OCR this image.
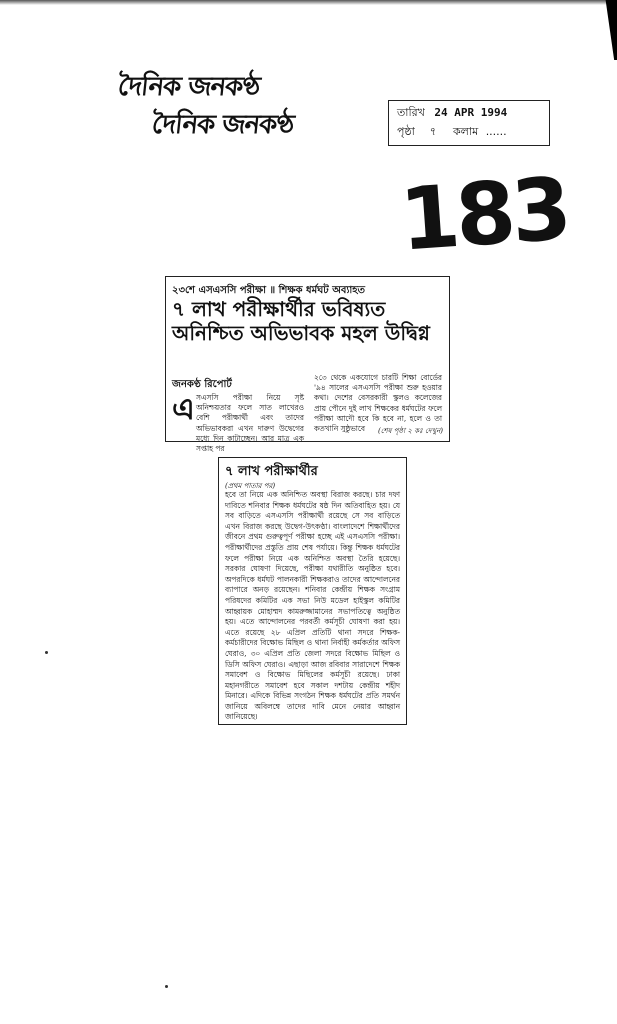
দৈনিক জনকণ্ঠ
দৈনিক জনকণ্ঠ	তারিখ 24 APR 1994
পৃষ্ঠা ৭ কলাম ......
183
২৩শে এসএসসি পরীক্ষা ॥ শিক্ষক ধর্মঘট অব্যাহত
৭ লাখ পরীক্ষার্থীর ভবিষ্যত অনিশ্চিত অভিভাবক মহল উদ্বিগ্ন
জনকণ্ঠ রিপোর্ট
এ সএসসি পরীক্ষা নিয়ে সৃষ্ট অনিশ্চয়তার ফলে সাত লাখেরও বেশি পরীক্ষার্থী এবং তাদের অভিভাবকরা এখন দারুণ উদ্বেগের মধ্যে দিন কাটাচ্ছেন। আর মাত্র এক সপ্তাহ পর
২৩ে থেকে একযোগে চারটি শিক্ষা বোর্ডের '৯৪ সালের এসএসসি পরীক্ষা শুরু হওয়ার কথা। দেশের বেসরকারী স্কুলও কলেজের প্রায় পৌনে দুই লাখ শিক্ষকের ধর্মঘটের ফলে পরীক্ষা আদৌ হবে কি হবে না, হলে ও তা কতখানি সুষ্ঠুভাবে	(শেষ পৃষ্ঠা ২ কঃ দেখুন)
৭ লাখ পরীক্ষার্থীর
(প্রথম পাতার পর)
হবে তা নিয়ে এক অনিশ্চিত অবস্থা বিরাজ করছে। চার দফা দাবিতে শনিবার শিক্ষক ধর্মঘটের ষষ্ঠ দিন অতিবাহিত হয়। যে সব বাড়িতে এসএসসি পরীক্ষার্থী রয়েছে সে সব বাড়িতে এখন বিরাজ করছে উদ্বেগ-উৎকণ্ঠা। বাংলাদেশে শিক্ষার্থীদের জীবনে প্রথম গুরুত্বপূর্ণ পরীক্ষা হচ্ছে এই এসএসসি পরীক্ষা। পরীক্ষার্থীদের প্রস্তুতি প্রায় শেষ পর্যায়ে। কিন্তু শিক্ষক ধর্মঘটের ফলে পরীক্ষা নিয়ে এক অনিশ্চিত অবস্থা তৈরি হয়েছে। সরকার ঘোষণা দিয়েছে, পরীক্ষা যথারীতি অনুষ্ঠিত হবে। অপরদিকে ধর্মঘট পালনকারী শিক্ষকরাও তাদের আন্দোলনের ব্যাপারে অনড় রয়েছেন। শনিবার কেন্দ্রীয় শিক্ষক সংগ্রাম পরিষদের কমিটির এক সভা নিউ মডেল হাইস্কুল কমিটির আহ্বায়ক মোহাম্মদ কামরুজ্জামানের সভাপতিত্বে অনুষ্ঠিত হয়। এতে আন্দোলনের পরবর্তী কর্মসূচী ঘোষণা করা হয়। এতে রয়েছে ২৮ এপ্রিল প্রতিটি থানা সদরে শিক্ষক-কর্মচারীদের বিক্ষোভ মিছিল ও থানা নির্বাহী কর্মকর্তার অফিস ঘেরাও, ৩০ এপ্রিল প্রতি জেলা সদরে বিক্ষোভ মিছিল ও ডিসি অফিস ঘেরাও। এছাড়া আজ রবিবার সারাদেশে শিক্ষক সমাবেশ ও বিক্ষোভ মিছিলের কর্মসূচী রয়েছে। ঢাকা মহানগরীতে সমাবেশ হবে সকাল দশটায় কেন্দ্রীয় শহীদ মিনারে। এদিকে বিভিন্ন সংগঠন শিক্ষক ধর্মঘটের প্রতি সমর্থন জানিয়ে অবিলম্বে তাদের দাবি মেনে নেয়ার আহ্বান জানিয়েছে।
